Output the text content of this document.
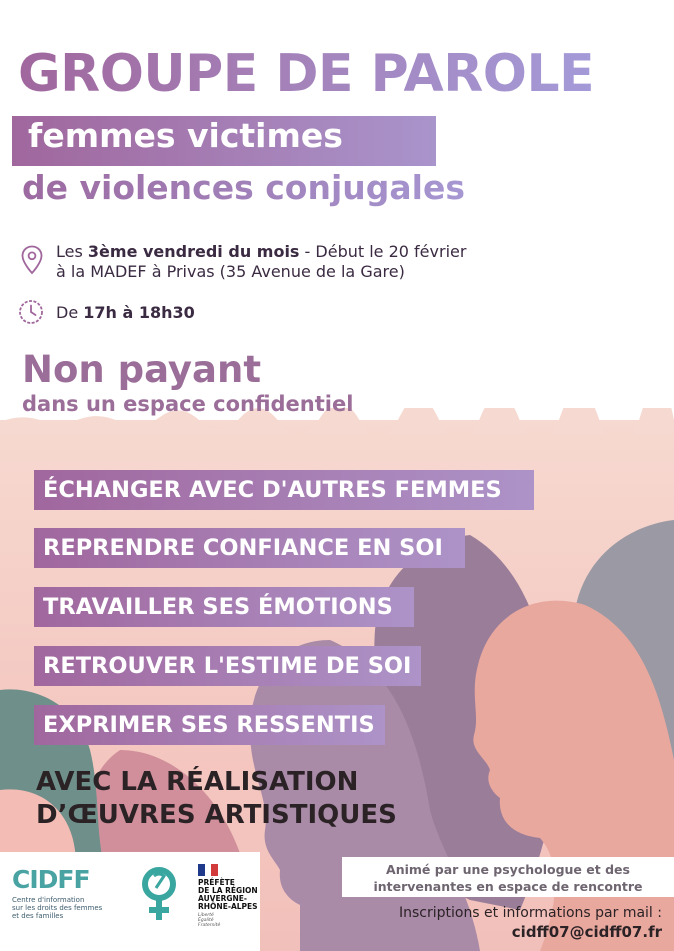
GROUPE DE PAROLE
femmes victimes
de violences conjugales
Les 3ème vendredi du mois - Début le 20 février
à la MADEF à Privas (35 Avenue de la Gare)
De 17h à 18h30
Non payant
dans un espace confidentiel
ÉCHANGER AVEC D'AUTRES FEMMES
REPRENDRE CONFIANCE EN SOI
TRAVAILLER SES ÉMOTIONS
RETROUVER L'ESTIME DE SOI
EXPRIMER SES RESSENTIS
AVEC LA RÉALISATION
D’ŒUVRES ARTISTIQUES
CIDFF
Centre d'information
sur les droits des femmes
et des familles
PRÉFÈTE
DE LA RÉGION
AUVERGNE-
RHÔNE-ALPES
Liberté Égalité Fraternité
Animé par une psychologue et des
intervenantes en espace de rencontre
Inscriptions et informations par mail :
cidff07@cidff07.fr
